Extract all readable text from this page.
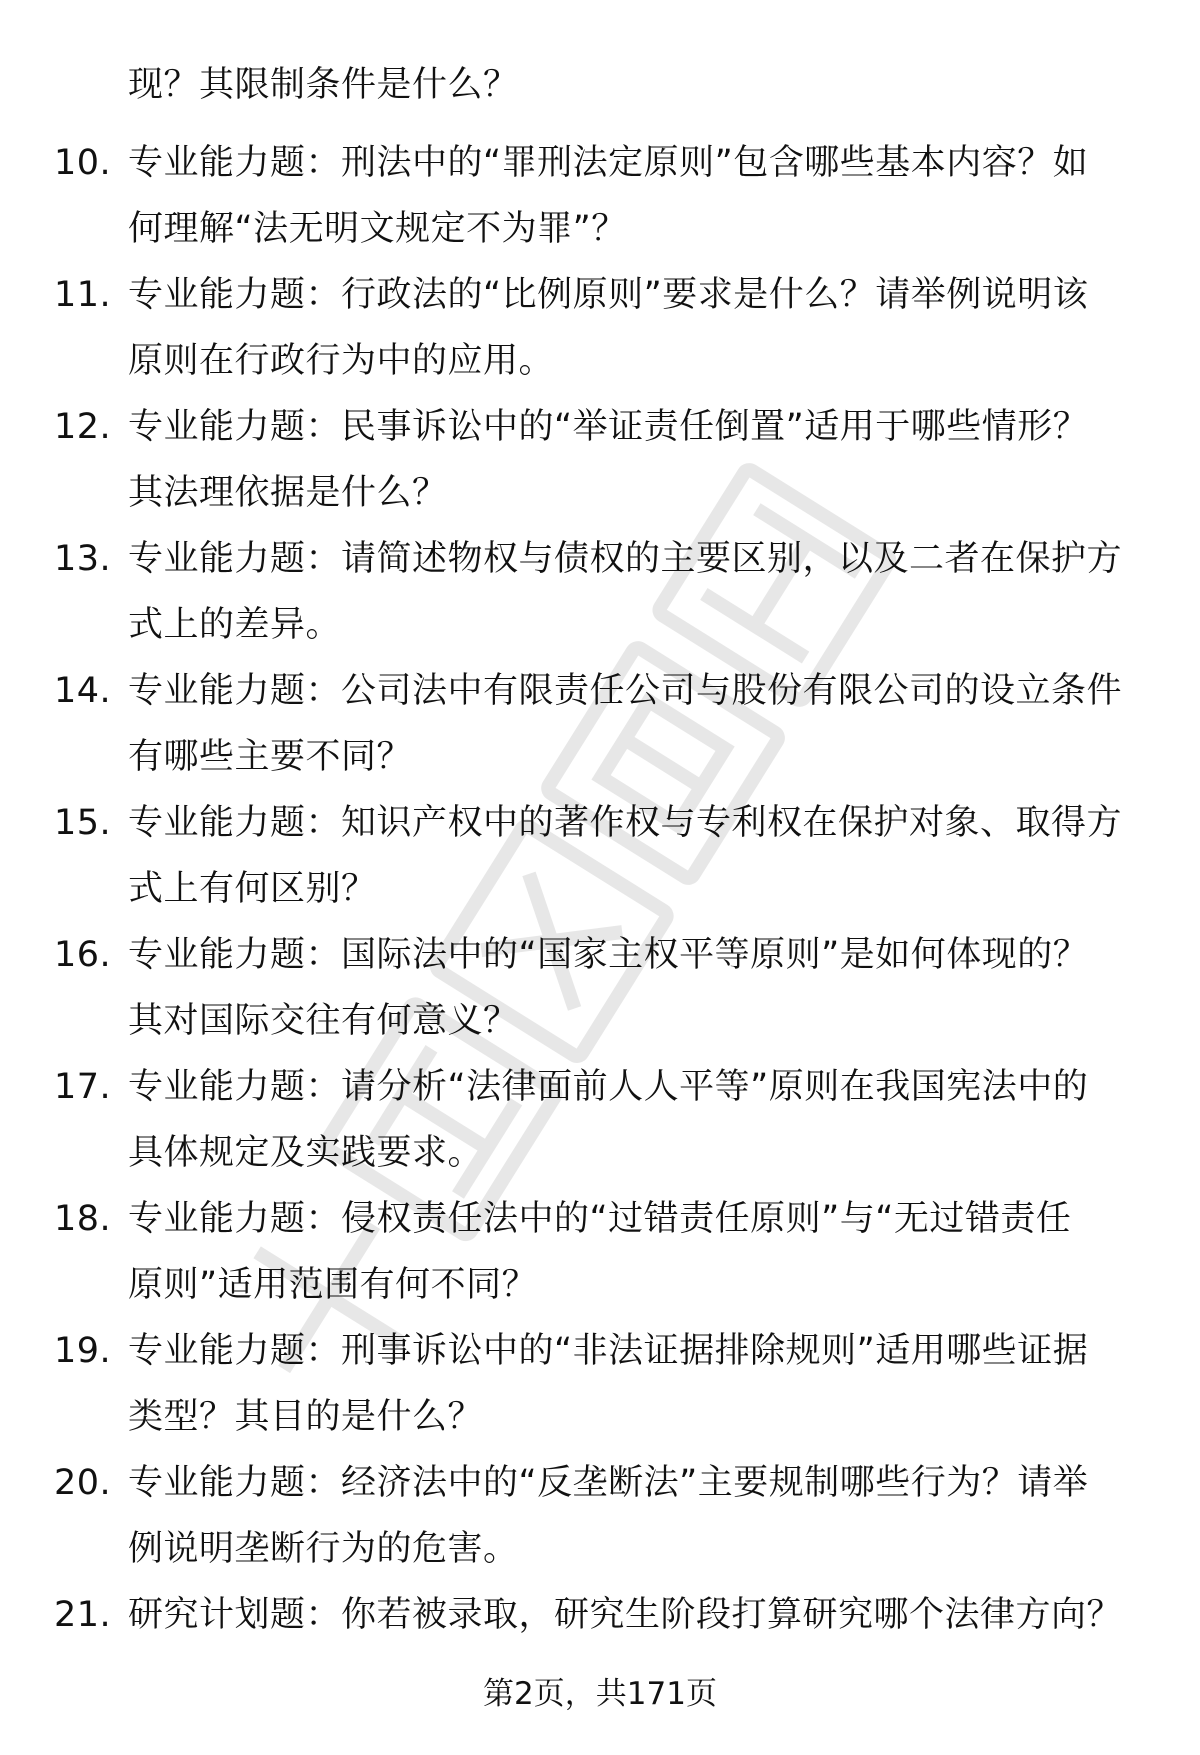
现？其限制条件是什么？
10. 专业能力题：刑法中的“罪刑法定原则”包含哪些基本内容？如
何理解“法无明文规定不为罪”？
11. 专业能力题：行政法的“比例原则”要求是什么？请举例说明该
原则在行政行为中的应用。
12. 专业能力题：民事诉讼中的“举证责任倒置”适用于哪些情形？
其法理依据是什么？
13. 专业能力题：请简述物权与债权的主要区别，以及二者在保护方
式上的差异。
14. 专业能力题：公司法中有限责任公司与股份有限公司的设立条件
有哪些主要不同？
15. 专业能力题：知识产权中的著作权与专利权在保护对象、取得方
式上有何区别？
16. 专业能力题：国际法中的“国家主权平等原则”是如何体现的？
其对国际交往有何意义？
17. 专业能力题：请分析“法律面前人人平等”原则在我国宪法中的
具体规定及实践要求。
18. 专业能力题：侵权责任法中的“过错责任原则”与“无过错责任
原则”适用范围有何不同？
19. 专业能力题：刑事诉讼中的“非法证据排除规则”适用哪些证据
类型？其目的是什么？
20. 专业能力题：经济法中的“反垄断法”主要规制哪些行为？请举
例说明垄断行为的危害。
21. 研究计划题：你若被录取，研究生阶段打算研究哪个法律方向？
第2页，共171页
